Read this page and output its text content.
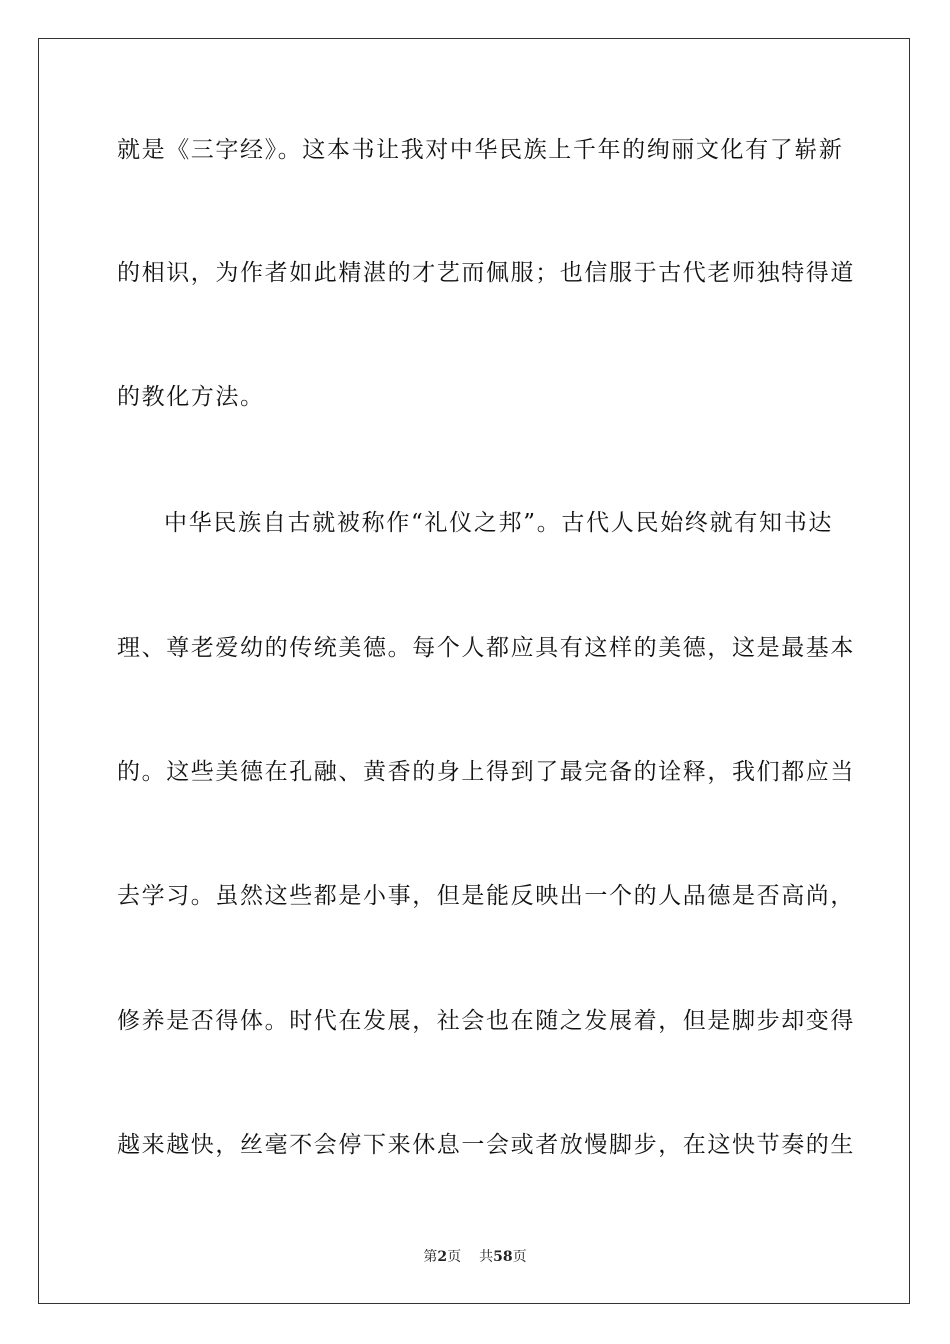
就是《三字经》。这本书让我对中华民族上千年的绚丽文化有了崭新
的相识，为作者如此精湛的才艺而佩服；也信服于古代老师独特得道
的教化方法。
中华民族自古就被称作“礼仪之邦”。古代人民始终就有知书达
理、尊老爱幼的传统美德。每个人都应具有这样的美德，这是最基本
的。这些美德在孔融、黄香的身上得到了最完备的诠释，我们都应当
去学习。虽然这些都是小事，但是能反映出一个的人品德是否高尚，
修养是否得体。时代在发展，社会也在随之发展着，但是脚步却变得
越来越快，丝毫不会停下来休息一会或者放慢脚步，在这快节奏的生
第2页 共58页
